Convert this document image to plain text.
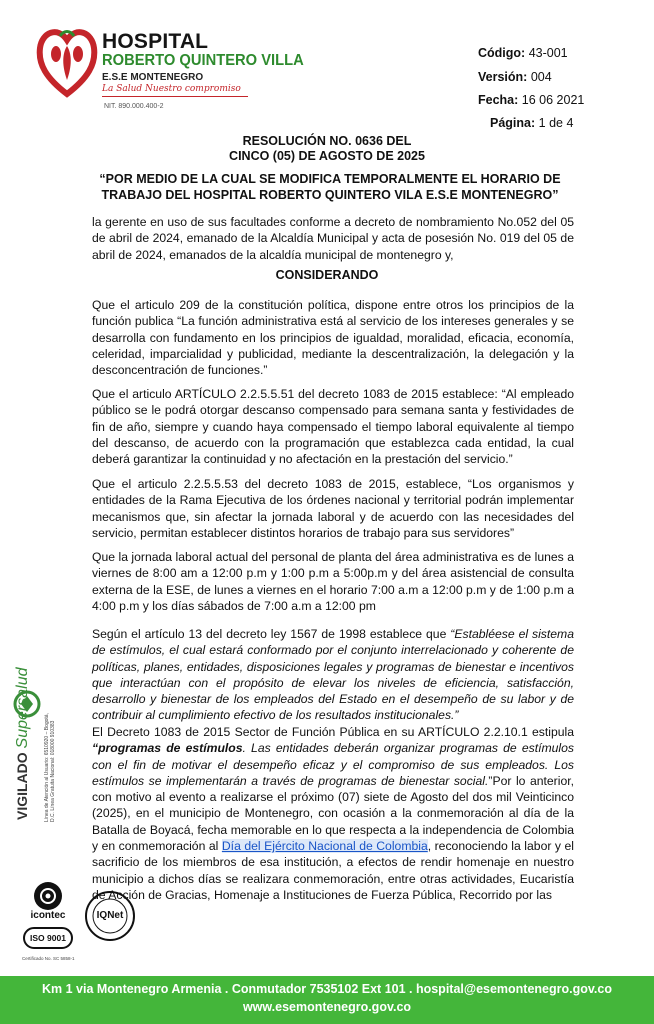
HOSPITAL
ROBERTO QUINTERO VILLA
E.S.E MONTENEGRO
La Salud Nuestro compromiso
NIT. 890.000.400-2
Código: 43-001
Versión: 004
Fecha: 16 06 2021
Página: 1 de 4
RESOLUCIÓN NO. 0636 DEL
CINCO (05) DE AGOSTO DE 2025
“POR MEDIO DE LA CUAL SE MODIFICA TEMPORALMENTE EL HORARIO DE TRABAJO DEL HOSPITAL ROBERTO QUINTERO VILA E.S.E MONTENEGRO”
la gerente en uso de sus facultades conforme a decreto de nombramiento No.052 del 05 de abril de 2024, emanado de la Alcaldía Municipal y acta de posesión No. 019 del 05 de abril de 2024, emanados de la alcaldía municipal de montenegro y,
CONSIDERANDO
Que el articulo 209 de la constitución política, dispone entre otros los principios de la función publica “La función administrativa está al servicio de los intereses generales y se desarrolla con fundamento en los principios de igualdad, moralidad, eficacia, economía, celeridad, imparcialidad y publicidad, mediante la descentralización, la delegación y la desconcentración de funciones.”
Que el articulo ARTÍCULO 2.2.5.5.51 del decreto 1083 de 2015 establece: “Al empleado público se le podrá otorgar descanso compensado para semana santa y festividades de fin de año, siempre y cuando haya compensado el tiempo laboral equivalente al tiempo del descanso, de acuerdo con la programación que establezca cada entidad, la cual deberá garantizar la continuidad y no afectación en la prestación del servicio.”
Que el articulo 2.2.5.5.53 del decreto 1083 de 2015, establece, “Los organismos y entidades de la Rama Ejecutiva de los órdenes nacional y territorial podrán implementar mecanismos que, sin afectar la jornada laboral y de acuerdo con las necesidades del servicio, permitan establecer distintos horarios de trabajo para sus servidores”
Que la jornada laboral actual del personal de planta del área administrativa es de lunes a viernes de 8:00 am a 12:00 p.m y 1:00 p.m a 5:00p.m y del área asistencial de consulta externa de la ESE, de lunes a viernes en el horario 7:00 a.m a 12:00 p.m y de 1:00 p.m a 4:00 p.m y los días sábados de 7:00 a.m a 12:00 pm
Según el artículo 13 del decreto ley 1567 de 1998 establece que “Establéese el sistema de estímulos, el cual estará conformado por el conjunto interrelacionado y coherente de políticas, planes, entidades, disposiciones legales y programas de bienestar e incentivos que interactúan con el propósito de elevar los niveles de eficiencia, satisfacción, desarrollo y bienestar de los empleados del Estado en el desempeño de su labor y de contribuir al cumplimiento efectivo de los resultados institucionales.”
El Decreto 1083 de 2015 Sector de Función Pública en su ARTÍCULO 2.2.10.1 estipula “programas de estímulos. Las entidades deberán organizar programas de estímulos con el fin de motivar el desempeño eficaz y el compromiso de sus empleados. Los estímulos se implementarán a través de programas de bienestar social.”Por lo anterior, con motivo al evento a realizarse el próximo (07) siete de Agosto del dos mil Veinticinco (2025), en el municipio de Montenegro, con ocasión a la conmemoración al día de la Batalla de Boyacá, fecha memorable en lo que respecta a la independencia de Colombia y en conmemoración al Día del Ejército Nacional de Colombia, reconociendo la labor y el sacrificio de los miembros de esa institución, a efectos de rendir homenaje en nuestro municipio a dichos días se realizara conmemoración, entre otras actividades, Eucaristía de Acción de Gracias, Homenaje a Instituciones de Fuerza Pública, Recorrido por las
VIGILADO Supersalud
Línea de Atención al Usuario: 6510920 – Bogotá, D.C. Línea Gratuita Nacional: 018000 910383
icontec
ISO 9001
IQNet
Certificado No. SC 5858-1
Km 1 via Montenegro Armenia . Conmutador 7535102 Ext 101 . hospital@esemontenegro.gov.co
www.esemontenegro.gov.co
